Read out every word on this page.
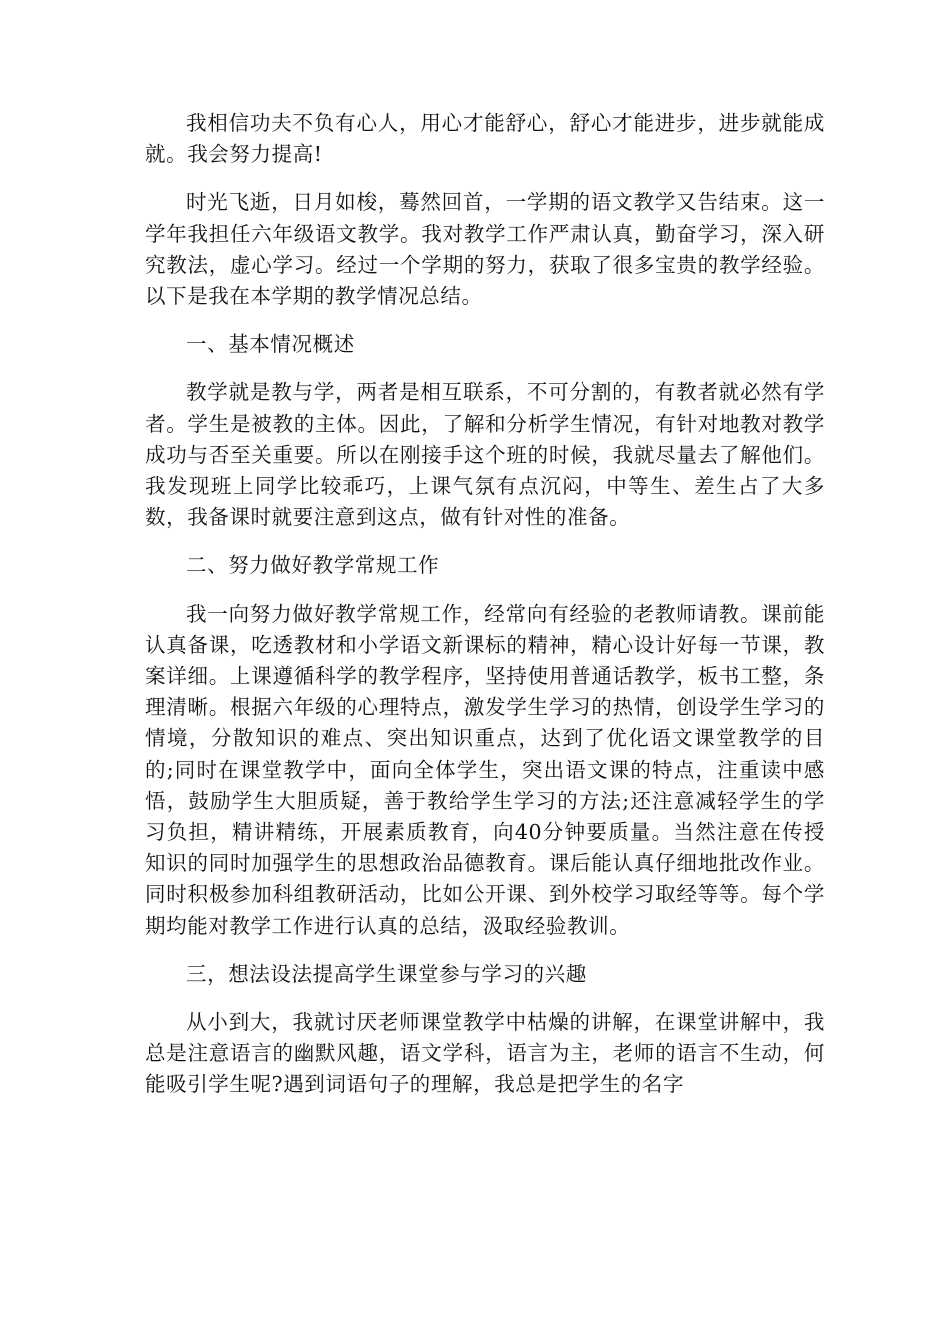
我相信功夫不负有心人，用心才能舒心，舒心才能进步，进步就能成就。我会努力提高!

时光飞逝，日月如梭，蓦然回首，一学期的语文教学又告结束。这一学年我担任六年级语文教学。我对教学工作严肃认真，勤奋学习，深入研究教法，虚心学习。经过一个学期的努力，获取了很多宝贵的教学经验。以下是我在本学期的教学情况总结。

一、基本情况概述

教学就是教与学，两者是相互联系，不可分割的，有教者就必然有学者。学生是被教的主体。因此，了解和分析学生情况，有针对地教对教学成功与否至关重要。所以在刚接手这个班的时候，我就尽量去了解他们。我发现班上同学比较乖巧，上课气氛有点沉闷，中等生、差生占了大多数，我备课时就要注意到这点，做有针对性的准备。

二、努力做好教学常规工作

我一向努力做好教学常规工作，经常向有经验的老教师请教。课前能认真备课，吃透教材和小学语文新课标的精神，精心设计好每一节课，教案详细。上课遵循科学的教学程序，坚持使用普通话教学，板书工整，条理清晰。根据六年级的心理特点，激发学生学习的热情，创设学生学习的情境，分散知识的难点、突出知识重点，达到了优化语文课堂教学的目的;同时在课堂教学中，面向全体学生，突出语文课的特点，注重读中感悟，鼓励学生大胆质疑，善于教给学生学习的方法;还注意减轻学生的学习负担，精讲精练，开展素质教育，向40分钟要质量。当然注意在传授知识的同时加强学生的思想政治品德教育。课后能认真仔细地批改作业。同时积极参加科组教研活动，比如公开课、到外校学习取经等等。每个学期均能对教学工作进行认真的总结，汲取经验教训。

三，想法设法提高学生课堂参与学习的兴趣

从小到大，我就讨厌老师课堂教学中枯燥的讲解，在课堂讲解中，我总是注意语言的幽默风趣，语文学科，语言为主，老师的语言不生动，何能吸引学生呢?遇到词语句子的理解，我总是把学生的名字
